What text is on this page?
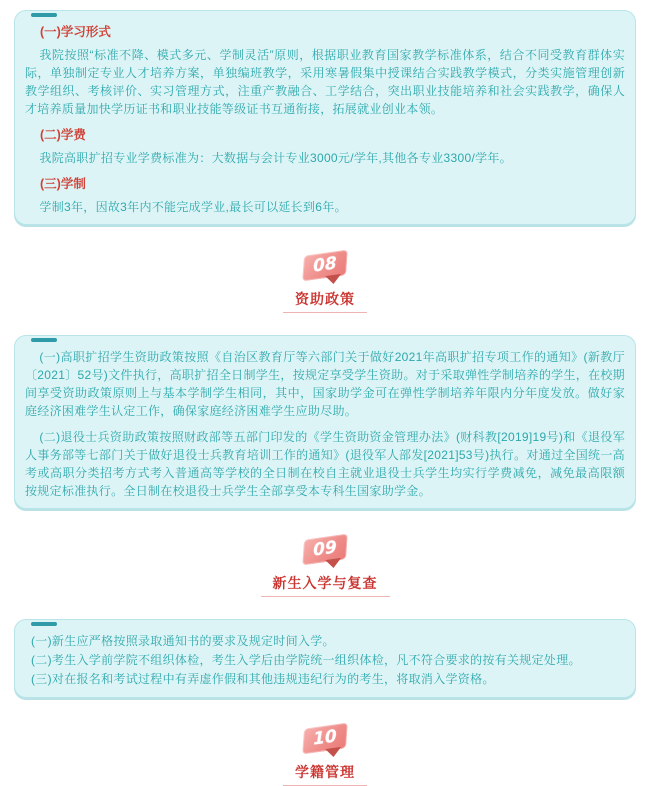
(一)学习形式

我院按照“标准不降、模式多元、学制灵活”原则，根据职业教育国家教学标准体系，结合不同受教育群体实际，单独制定专业人才培养方案，单独编班教学，采用寒暑假集中授课结合实践教学模式，分类实施管理创新教学组织、考核评价、实习管理方式，注重产教融合、工学结合，突出职业技能培养和社会实践教学，确保人才培养质量加快学历证书和职业技能等级证书互通衔接，拓展就业创业本领。

(二)学费

我院高职扩招专业学费标准为：大数据与会计专业3000元/学年,其他各专业3300/学年。

(三)学制

学制3年，因故3年内不能完成学业,最长可以延长到6年。

08
资助政策

(一)高职扩招学生资助政策按照《自治区教育厅等六部门关于做好2021年高职扩招专项工作的通知》(新教厅〔2021〕52号)文件执行，高职扩招全日制学生，按规定享受学生资助。对于采取弹性学制培养的学生，在校期间享受资助政策原则上与基本学制学生相同，其中，国家助学金可在弹性学制培养年限内分年度发放。做好家庭经济困难学生认定工作，确保家庭经济困难学生应助尽助。

(二)退役士兵资助政策按照财政部等五部门印发的《学生资助资金管理办法》(财科教[2019]19号)和《退役军人事务部等七部门关于做好退役士兵教育培训工作的通知》(退役军人部发[2021]53号)执行。对通过全国统一高考或高职分类招考方式考入普通高等学校的全日制在校自主就业退役士兵学生均实行学费减免，减免最高限额按规定标准执行。全日制在校退役士兵学生全部享受本专科生国家助学金。

09
新生入学与复查

(一)新生应严格按照录取通知书的要求及规定时间入学。

(二)考生入学前学院不组织体检，考生入学后由学院统一组织体检，凡不符合要求的按有关规定处理。

(三)对在报名和考试过程中有弄虚作假和其他违规违纪行为的考生，将取消入学资格。

10
学籍管理
